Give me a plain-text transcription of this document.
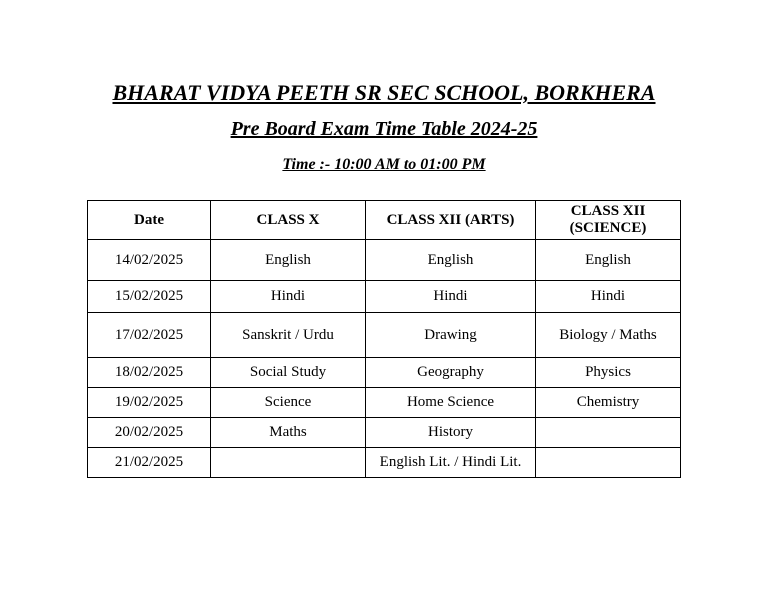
BHARAT VIDYA PEETH SR SEC SCHOOL, BORKHERA
Pre Board Exam Time Table 2024-25
Time :- 10:00 AM to 01:00 PM
Date	CLASS X	CLASS XII (ARTS)	CLASS XII (SCIENCE)
14/02/2025	English	English	English
15/02/2025	Hindi	Hindi	Hindi
17/02/2025	Sanskrit / Urdu	Drawing	Biology / Maths
18/02/2025	Social Study	Geography	Physics
19/02/2025	Science	Home Science	Chemistry
20/02/2025	Maths	History	
21/02/2025		English Lit. / Hindi Lit.	
